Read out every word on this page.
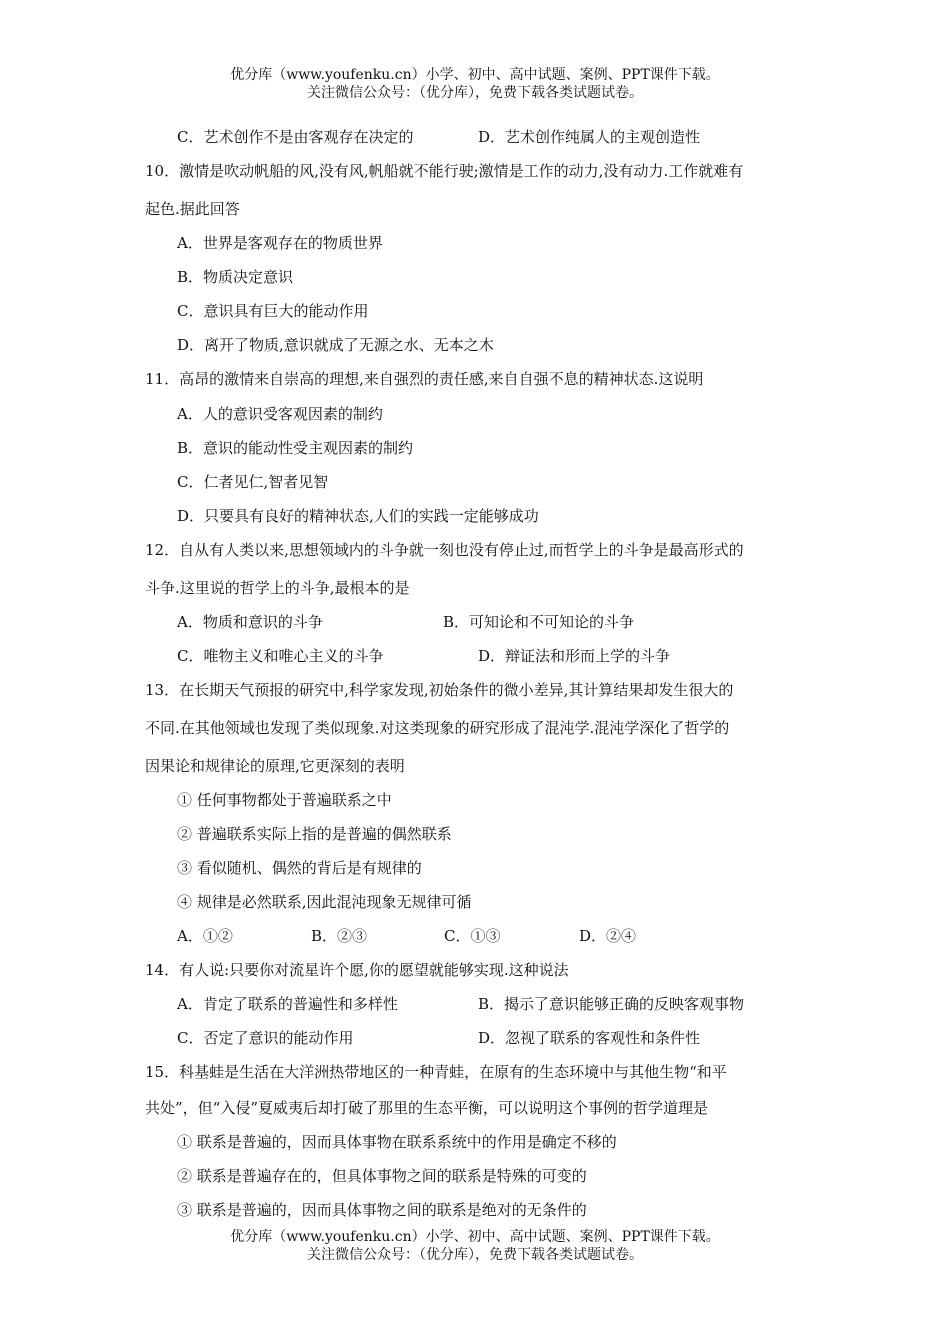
优分库（www.youfenku.cn）小学、初中、高中试题、案例、PPT课件下载。
关注微信公众号：（优分库），免费下载各类试题试卷。
C．艺术创作不是由客观存在决定的	D．艺术创作纯属人的主观创造性
10．激情是吹动帆船的风,没有风,帆船就不能行驶;激情是工作的动力,没有动力.工作就难有
起色.据此回答
A．世界是客观存在的物质世界
B．物质决定意识
C．意识具有巨大的能动作用
D．离开了物质,意识就成了无源之水、无本之木
11．高昂的激情来自崇高的理想,来自强烈的责任感,来自自强不息的精神状态.这说明
A．人的意识受客观因素的制约
B．意识的能动性受主观因素的制约
C．仁者见仁,智者见智
D．只要具有良好的精神状态,人们的实践一定能够成功
12．自从有人类以来,思想领域内的斗争就一刻也没有停止过,而哲学上的斗争是最高形式的
斗争.这里说的哲学上的斗争,最根本的是
A．物质和意识的斗争	B．可知论和不可知论的斗争
C．唯物主义和唯心主义的斗争	D．辩证法和形而上学的斗争
13．在长期天气预报的研究中,科学家发现,初始条件的微小差异,其计算结果却发生很大的
不同.在其他领域也发现了类似现象.对这类现象的研究形成了混沌学.混沌学深化了哲学的
因果论和规律论的原理,它更深刻的表明
① 任何事物都处于普遍联系之中
② 普遍联系实际上指的是普遍的偶然联系
③ 看似随机、偶然的背后是有规律的
④ 规律是必然联系,因此混沌现象无规律可循
A．①②	B．②③	C．①③	D．②④
14．有人说:只要你对流星许个愿,你的愿望就能够实现.这种说法
A．肯定了联系的普遍性和多样性	B．揭示了意识能够正确的反映客观事物
C．否定了意识的能动作用	D．忽视了联系的客观性和条件性
15．科基蛙是生活在大洋洲热带地区的一种青蛙，在原有的生态环境中与其他生物“和平
共处”，但“入侵”夏威夷后却打破了那里的生态平衡，可以说明这个事例的哲学道理是
① 联系是普遍的，因而具体事物在联系系统中的作用是确定不移的
② 联系是普遍存在的，但具体事物之间的联系是特殊的可变的
③ 联系是普遍的，因而具体事物之间的联系是绝对的无条件的
优分库（www.youfenku.cn）小学、初中、高中试题、案例、PPT课件下载。
关注微信公众号：（优分库），免费下载各类试题试卷。
